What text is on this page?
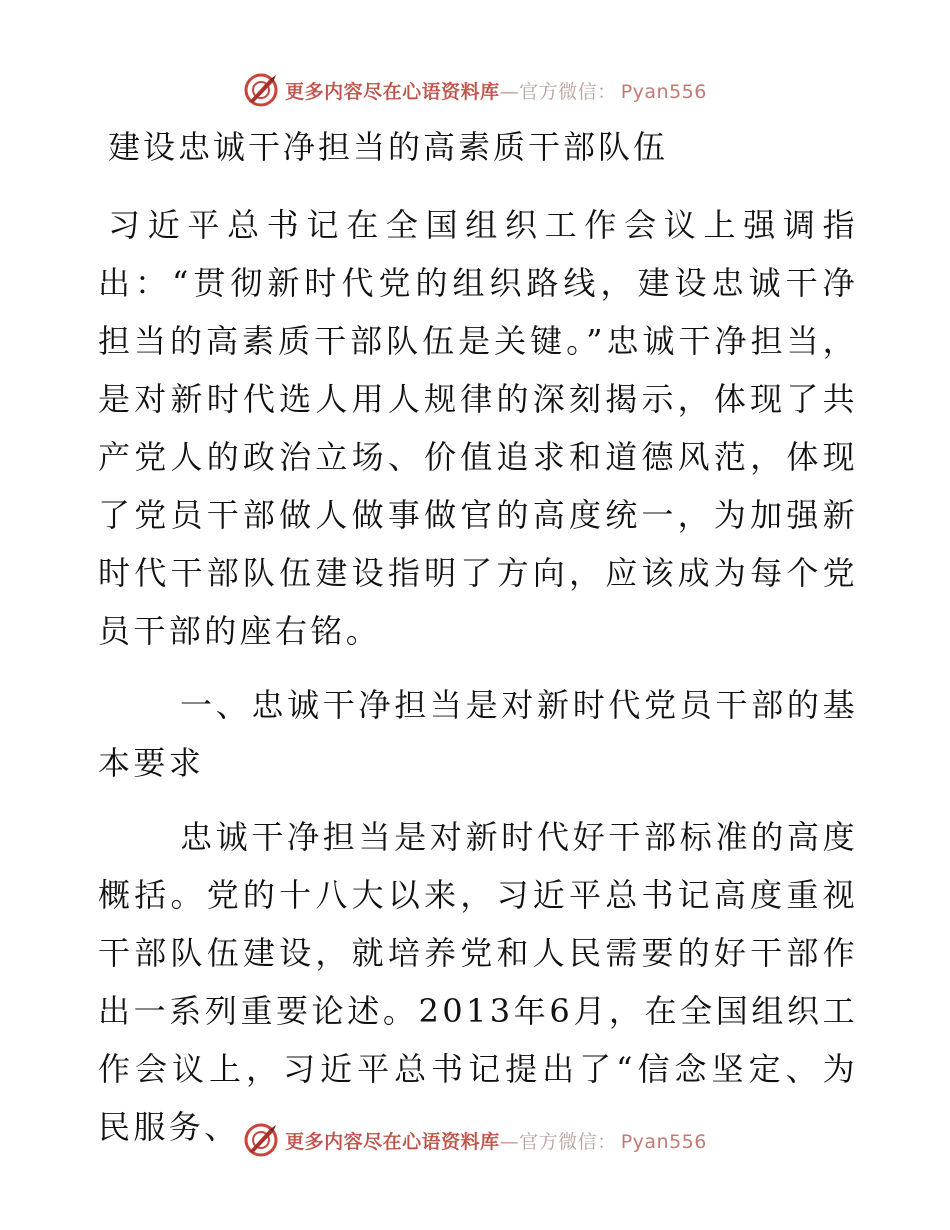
更多内容尽在心语资料库—官方微信： Pyan556
建设忠诚干净担当的高素质干部队伍
习近平总书记在全国组织工作会议上强调指出：“贯彻新时代党的组织路线，建设忠诚干净担当的高素质干部队伍是关键。”忠诚干净担当，是对新时代选人用人规律的深刻揭示，体现了共产党人的政治立场、价值追求和道德风范，体现了党员干部做人做事做官的高度统一，为加强新时代干部队伍建设指明了方向，应该成为每个党员干部的座右铭。
一、忠诚干净担当是对新时代党员干部的基本要求
忠诚干净担当是对新时代好干部标准的高度概括。党的十八大以来，习近平总书记高度重视干部队伍建设，就培养党和人民需要的好干部作出一系列重要论述。2013年6月，在全国组织工作会议上，习近平总书记提出了“信念坚定、为民服务、	更多内容尽在心语资料库—官方微信： Pyan556
